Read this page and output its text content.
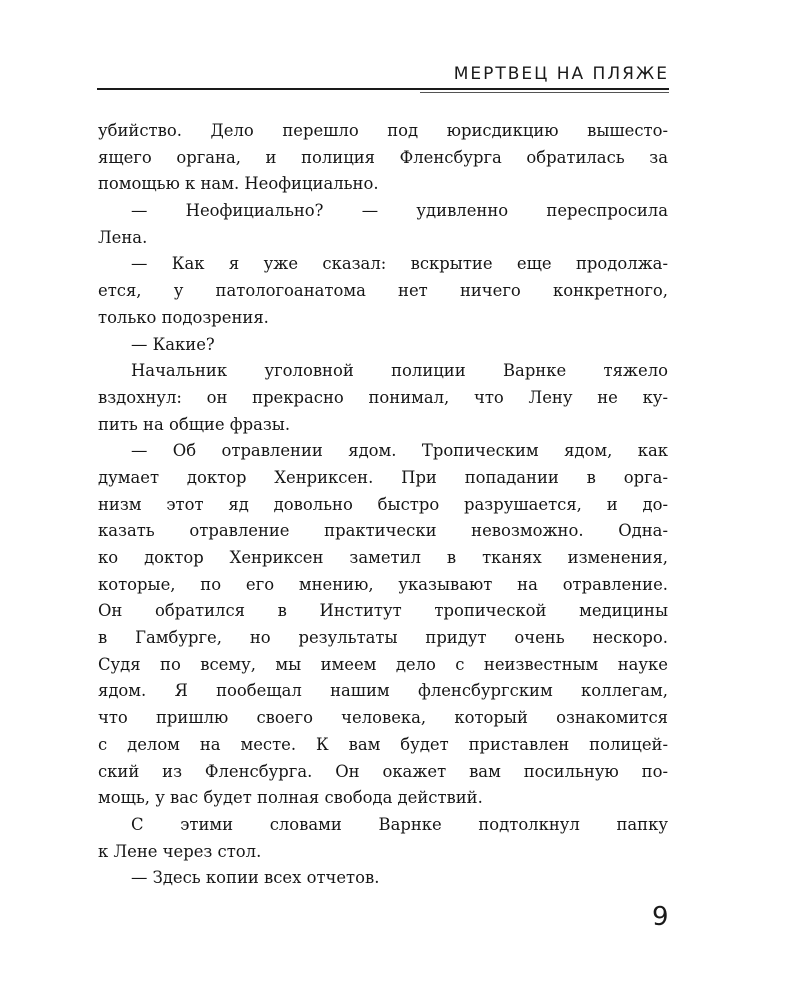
МЕРТВЕЦ НА ПЛЯЖЕ
убийство. Дело перешло под юрисдикцию вышесто-
ящего органа, и полиция Фленсбурга обратилась за
помощью к нам. Неофициально.
— Неофициально? — удивленно переспросила
Лена.
— Как я уже сказал: вскрытие еще продолжа-
ется, у патологоанатома нет ничего конкретного,
только подозрения.
— Какие?
Начальник уголовной полиции Варнке тяжело
вздохнул: он прекрасно понимал, что Лену не ку-
пить на общие фразы.
— Об отравлении ядом. Тропическим ядом, как
думает доктор Хенриксен. При попадании в орга-
низм этот яд довольно быстро разрушается, и до-
казать отравление практически невозможно. Одна-
ко доктор Хенриксен заметил в тканях изменения,
которые, по его мнению, указывают на отравление.
Он обратился в Институт тропической медицины
в Гамбурге, но результаты придут очень нескоро.
Судя по всему, мы имеем дело с неизвестным науке
ядом. Я пообещал нашим фленсбургским коллегам,
что пришлю своего человека, который ознакомится
с делом на месте. К вам будет приставлен полицей-
ский из Фленсбурга. Он окажет вам посильную по-
мощь, у вас будет полная свобода действий.
С этими словами Варнке подтолкнул папку
к Лене через стол.
— Здесь копии всех отчетов.
9
